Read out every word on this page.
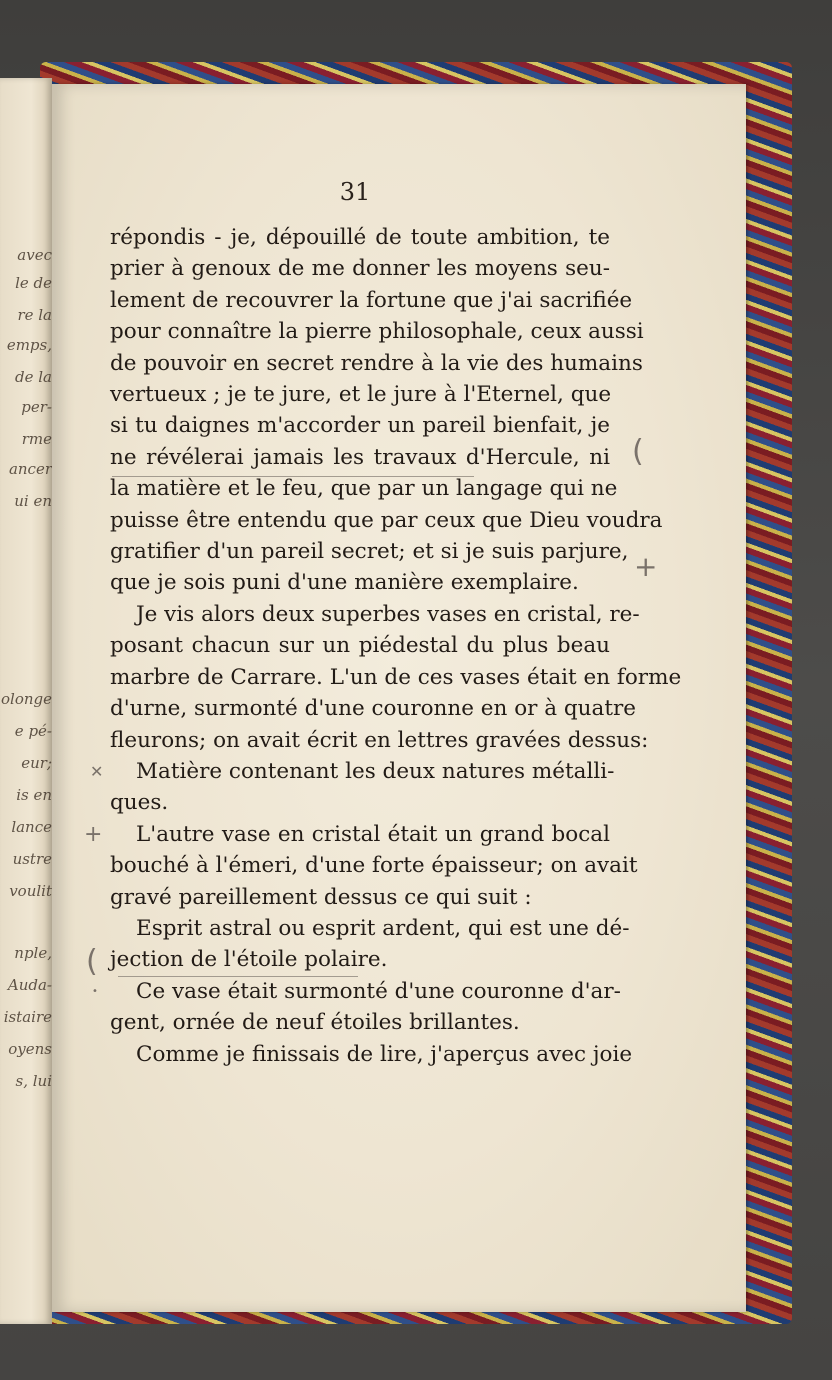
avec
le de
re la
emps,
de la
per-
rme
ancer
ui en
olonge
e pé-
eur;
is en
lance
ustre
voulit
nple,
Auda-
istaire
oyens
s, lui
31
répondis - je, dépouillé de toute ambition, te
prier à genoux de me donner les moyens seu-
lement de recouvrer la fortune que j'ai sacrifiée
pour connaître la pierre philosophale, ceux aussi
de pouvoir en secret rendre à la vie des humains
vertueux ; je te jure, et le jure à l'Eternel, que
si tu daignes m'accorder un pareil bienfait, je
ne révélerai jamais les travaux d'Hercule, ni
la matière et le feu, que par un langage qui ne
puisse être entendu que par ceux que Dieu voudra
gratifier d'un pareil secret; et si je suis parjure,
que je sois puni d'une manière exemplaire.
Je vis alors deux superbes vases en cristal, re-
posant chacun sur un piédestal du plus beau
marbre de Carrare. L'un de ces vases était en forme
d'urne, surmonté d'une couronne en or à quatre
fleurons; on avait écrit en lettres gravées dessus:
Matière contenant les deux natures métalli-
ques.
L'autre vase en cristal était un grand bocal
bouché à l'émeri, d'une forte épaisseur; on avait
gravé pareillement dessus ce qui suit :
Esprit astral ou esprit ardent, qui est une dé-
jection de l'étoile polaire.
Ce vase était surmonté d'une couronne d'ar-
gent, ornée de neuf étoiles brillantes.
Comme je finissais de lire, j'aperçus avec joie
(
+
✕
+
(
•
